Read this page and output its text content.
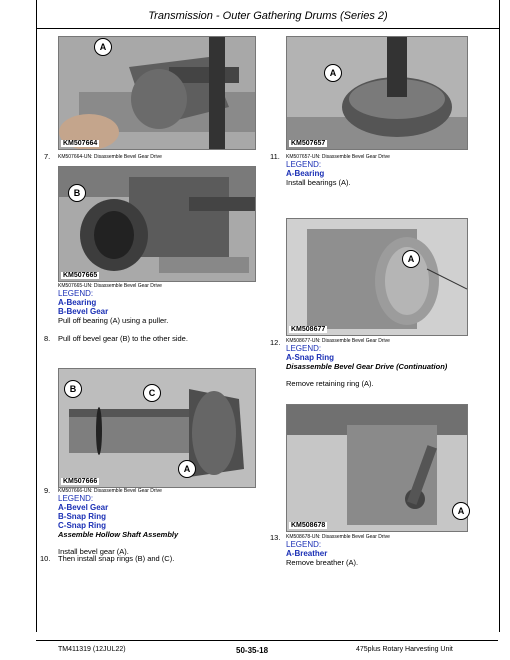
Transmission - Outer Gathering Drums (Series 2)
KM507664
A
7. KM507664-UN: Disassemble Bevel Gear Drive
KM507665
B
KM507665-UN: Disassemble Bevel Gear Drive
LEGEND:
A-Bearing
B-Bevel Gear
Pull off bearing (A) using a puller.
8. Pull off bevel gear (B) to the other side.
KM507666
B	C
A
9. KM507666-UN: Disassemble Bevel Gear Drive
LEGEND:
A-Bevel Gear
B-Snap Ring
C-Snap Ring
Assemble Hollow Shaft Assembly
Install bevel gear (A).
10. Then install snap rings (B) and (C).
KM507657
A
11. KM507657-UN: Disassemble Bevel Gear Drive
LEGEND:
A-Bearing
Install bearings (A).
KM508677
A
12. KM508677-UN: Disassemble Bevel Gear Drive
LEGEND:
A-Snap Ring
Disassemble Bevel Gear Drive (Continuation)
Remove retaining ring (A).
KM508678
A
13. KM508678-UN: Disassemble Bevel Gear Drive
LEGEND:
A-Breather
Remove breather (A).
TM411319 (12JUL22)	50-35-18	475plus Rotary Harvesting Unit
